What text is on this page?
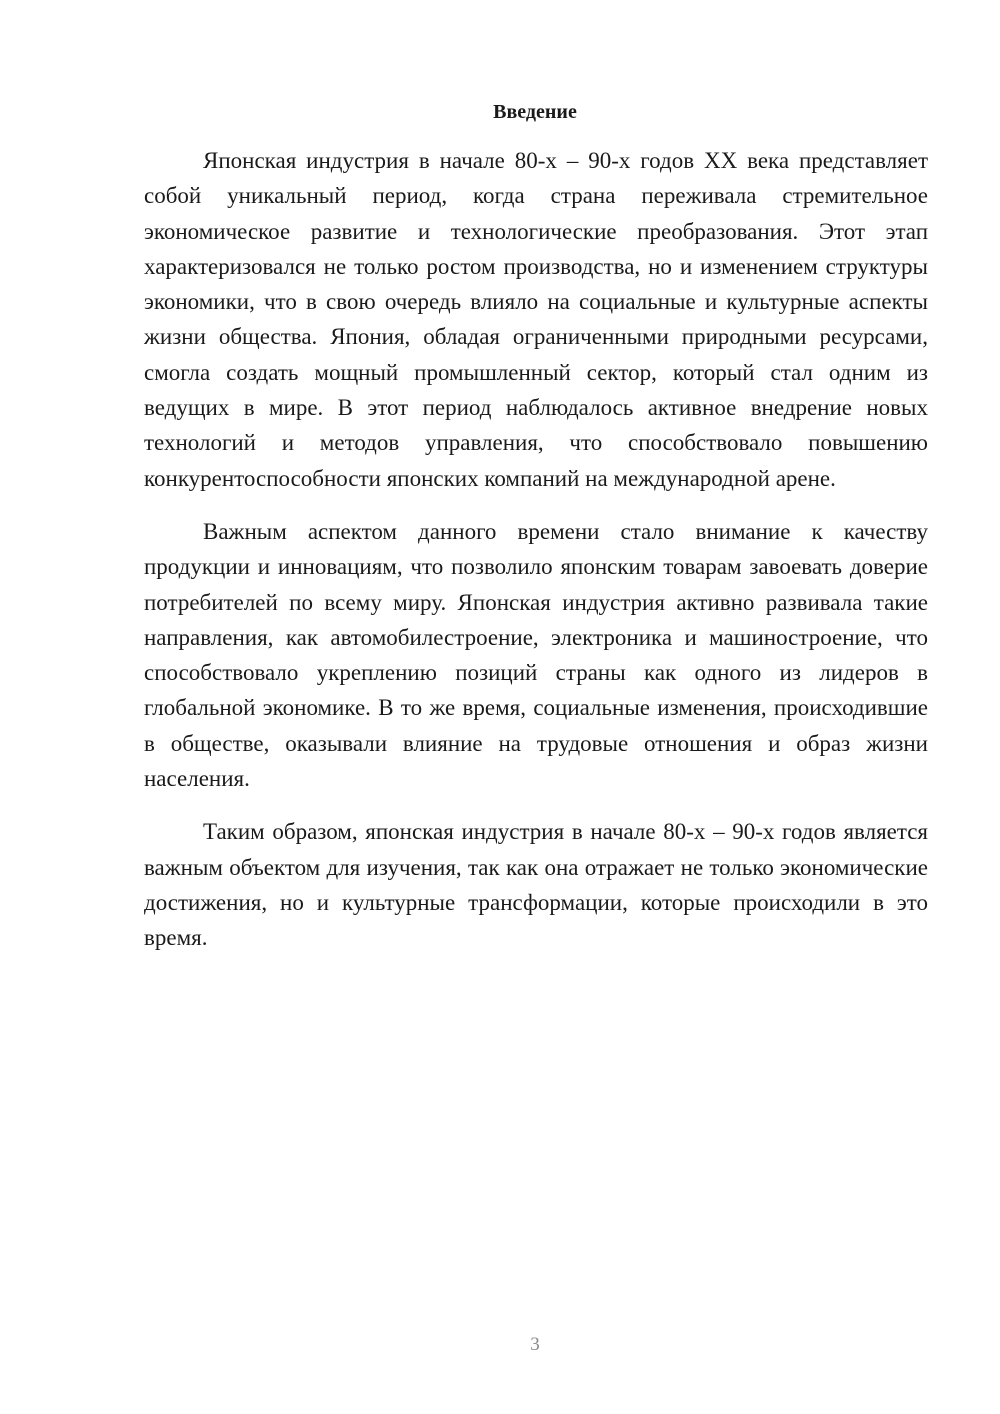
Введение

Японская индустрия в начале 80-х – 90-х годов XX века представляет собой уникальный период, когда страна переживала стремительное экономическое развитие и технологические преобразования. Этот этап характеризовался не только ростом производства, но и изменением структуры экономики, что в свою очередь влияло на социальные и культурные аспекты жизни общества. Япония, обладая ограниченными природными ресурсами, смогла создать мощный промышленный сектор, который стал одним из ведущих в мире. В этот период наблюдалось активное внедрение новых технологий и методов управления, что способствовало повышению конкурентоспособности японских компаний на международной арене.

Важным аспектом данного времени стало внимание к качеству продукции и инновациям, что позволило японским товарам завоевать доверие потребителей по всему миру. Японская индустрия активно развивала такие направления, как автомобилестроение, электроника и машиностроение, что способствовало укреплению позиций страны как одного из лидеров в глобальной экономике. В то же время, социальные изменения, происходившие в обществе, оказывали влияние на трудовые отношения и образ жизни населения.

Таким образом, японская индустрия в начале 80-х – 90-х годов является важным объектом для изучения, так как она отражает не только экономические достижения, но и культурные трансформации, которые происходили в это время.

3
